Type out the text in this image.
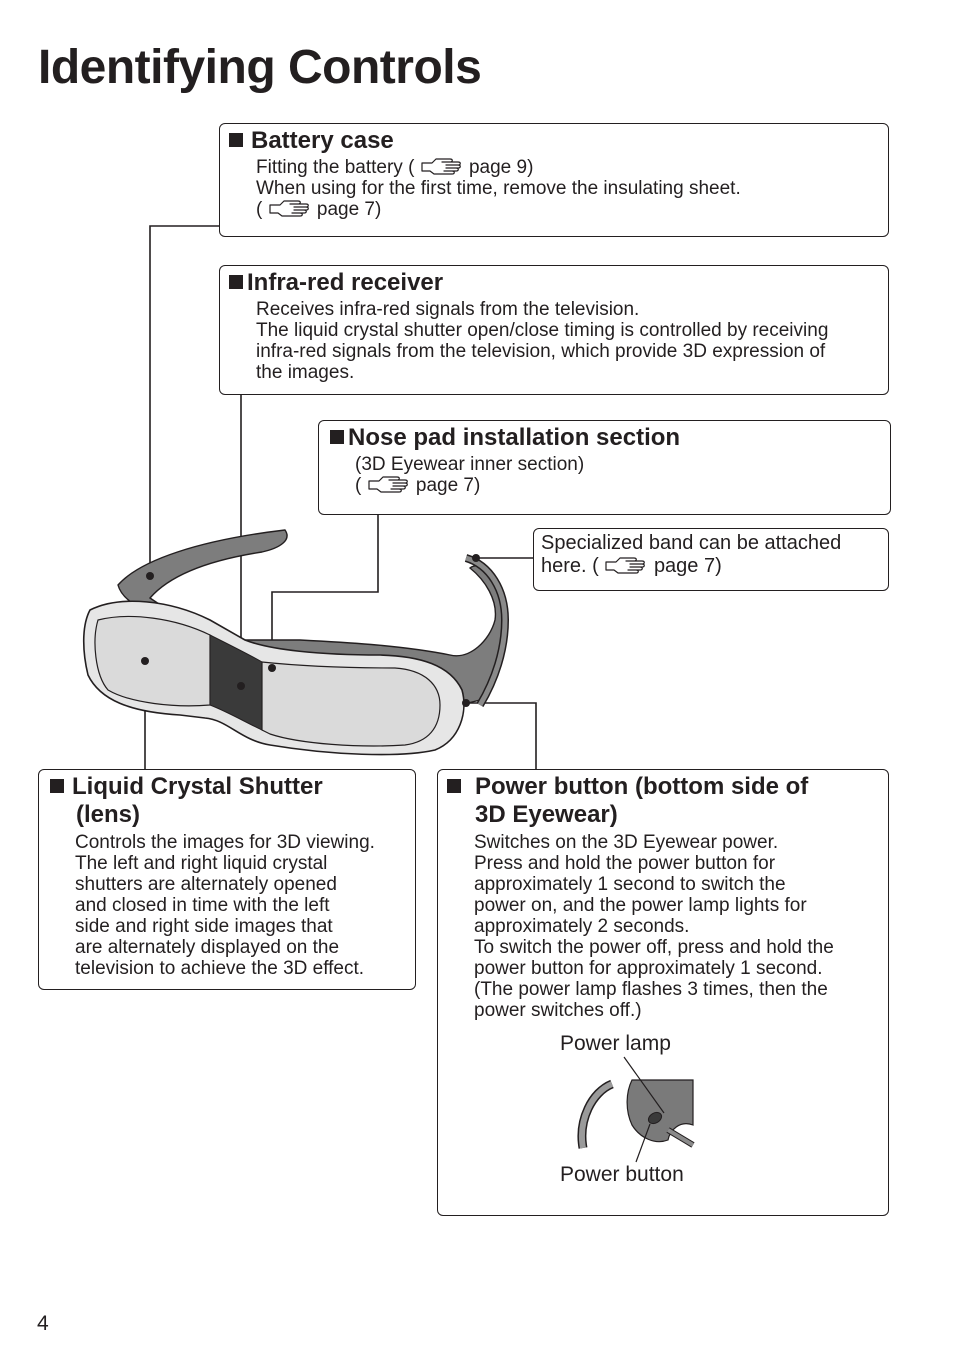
Identifying Controls
Battery case
Fitting the battery (	page 9)
When using for the first time, remove the insulating sheet.
(	page 7)
Infra-red receiver
Receives infra-red signals from the television.
The liquid crystal shutter open/close timing is controlled by receiving infra-red signals from the television, which provide 3D expression of the images.
Nose pad installation section
(3D Eyewear inner section)
(	page 7)
Specialized band can be attached
here. (	page 7)
Liquid Crystal Shutter
(lens)
Controls the images for 3D viewing.
The left and right liquid crystal
shutters are alternately opened
and closed in time with the left
side and right side images that
are alternately displayed on the
television to achieve the 3D effect.
Power button (bottom side of
3D Eyewear)
Switches on the 3D Eyewear power.
Press and hold the power button for
approximately 1 second to switch the
power on, and the power lamp lights for
approximately 2 seconds.
To switch the power off, press and hold the
power button for approximately 1 second.
(The power lamp flashes 3 times, then the
power switches off.)
Power lamp
Power button
4
